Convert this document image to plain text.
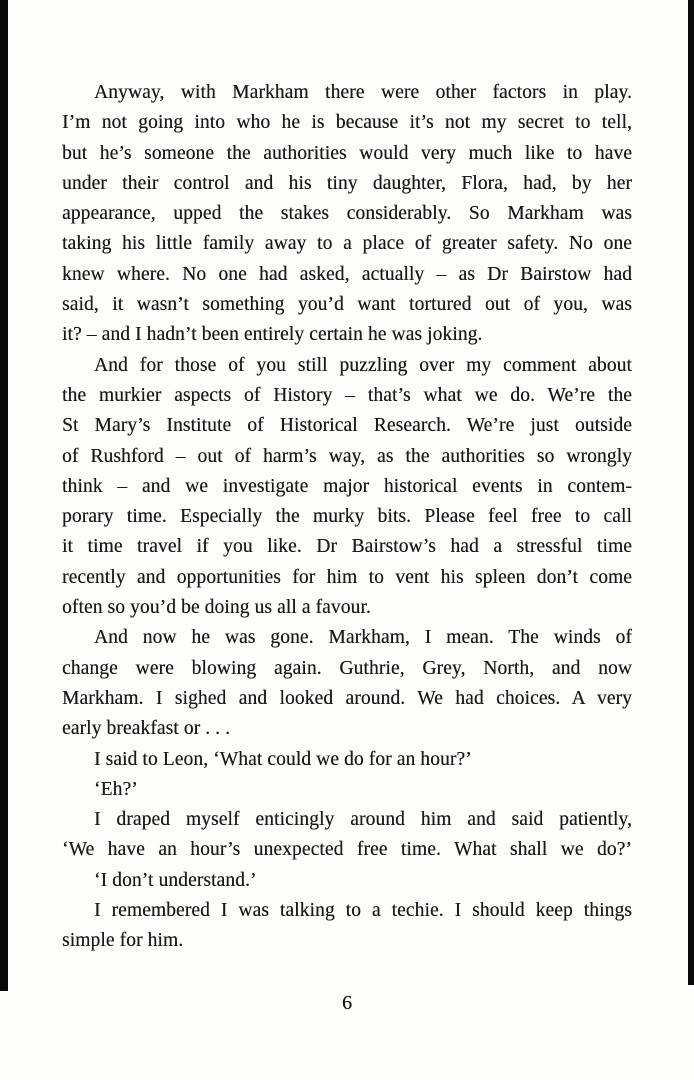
Anyway, with Markham there were other factors in play.
I’m not going into who he is because it’s not my secret to tell,
but he’s someone the authorities would very much like to have
under their control and his tiny daughter, Flora, had, by her
appearance, upped the stakes considerably. So Markham was
taking his little family away to a place of greater safety. No one
knew where. No one had asked, actually – as Dr Bairstow had
said, it wasn’t something you’d want tortured out of you, was
it? – and I hadn’t been entirely certain he was joking.
And for those of you still puzzling over my comment about
the murkier aspects of History – that’s what we do. We’re the
St Mary’s Institute of Historical Research. We’re just outside
of Rushford – out of harm’s way, as the authorities so wrongly
think – and we investigate major historical events in contem-
porary time. Especially the murky bits. Please feel free to call
it time travel if you like. Dr Bairstow’s had a stressful time
recently and opportunities for him to vent his spleen don’t come
often so you’d be doing us all a favour.
And now he was gone. Markham, I mean. The winds of
change were blowing again. Guthrie, Grey, North, and now
Markham. I sighed and looked around. We had choices. A very
early breakfast or . . .
I said to Leon, ‘What could we do for an hour?’
‘Eh?’
I draped myself enticingly around him and said patiently,
‘We have an hour’s unexpected free time. What shall we do?’
‘I don’t understand.’
I remembered I was talking to a techie. I should keep things
simple for him.
6
